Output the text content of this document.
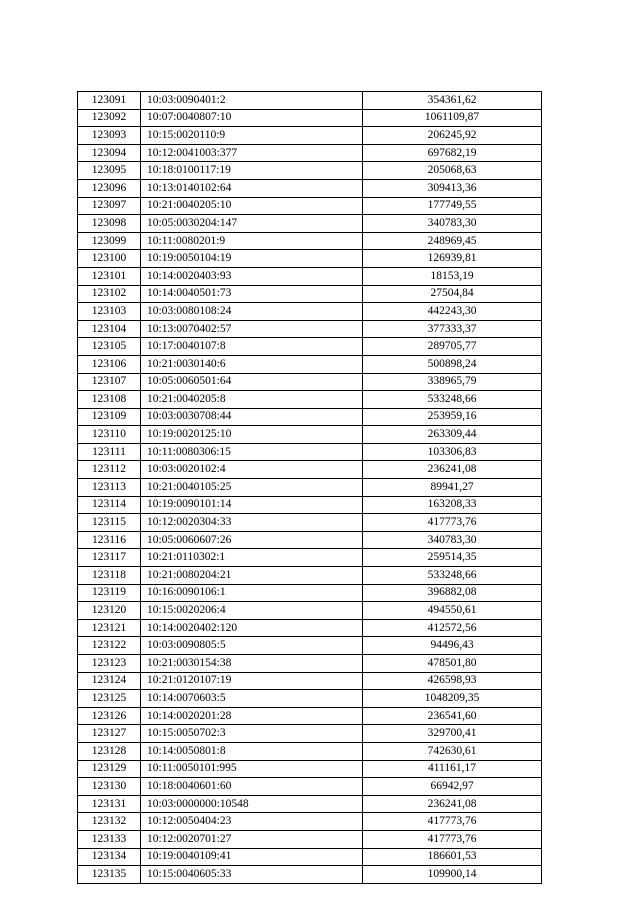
123091	10:03:0090401:2	354361,62
123092	10:07:0040807:10	1061109,87
123093	10:15:0020110:9	206245,92
123094	10:12:0041003:377	697682,19
123095	10:18:0100117:19	205068,63
123096	10:13:0140102:64	309413,36
123097	10:21:0040205:10	177749,55
123098	10:05:0030204:147	340783,30
123099	10:11:0080201:9	248969,45
123100	10:19:0050104:19	126939,81
123101	10:14:0020403:93	18153,19
123102	10:14:0040501:73	27504,84
123103	10:03:0080108:24	442243,30
123104	10:13:0070402:57	377333,37
123105	10:17:0040107:8	289705,77
123106	10:21:0030140:6	500898,24
123107	10:05:0060501:64	338965,79
123108	10:21:0040205:8	533248,66
123109	10:03:0030708:44	253959,16
123110	10:19:0020125:10	263309,44
123111	10:11:0080306:15	103306,83
123112	10:03:0020102:4	236241,08
123113	10:21:0040105:25	89941,27
123114	10:19:0090101:14	163208,33
123115	10:12:0020304:33	417773,76
123116	10:05:0060607:26	340783,30
123117	10:21:0110302:1	259514,35
123118	10:21:0080204:21	533248,66
123119	10:16:0090106:1	396882,08
123120	10:15:0020206:4	494550,61
123121	10:14:0020402:120	412572,56
123122	10:03:0090805:5	94496,43
123123	10:21:0030154:38	478501,80
123124	10:21:0120107:19	426598,93
123125	10:14:0070603:5	1048209,35
123126	10:14:0020201:28	236541,60
123127	10:15:0050702:3	329700,41
123128	10:14:0050801:8	742630,61
123129	10:11:0050101:995	411161,17
123130	10:18:0040601:60	66942,97
123131	10:03:0000000:10548	236241,08
123132	10:12:0050404:23	417773,76
123133	10:12:0020701:27	417773,76
123134	10:19:0040109:41	186601,53
123135	10:15:0040605:33	109900,14
